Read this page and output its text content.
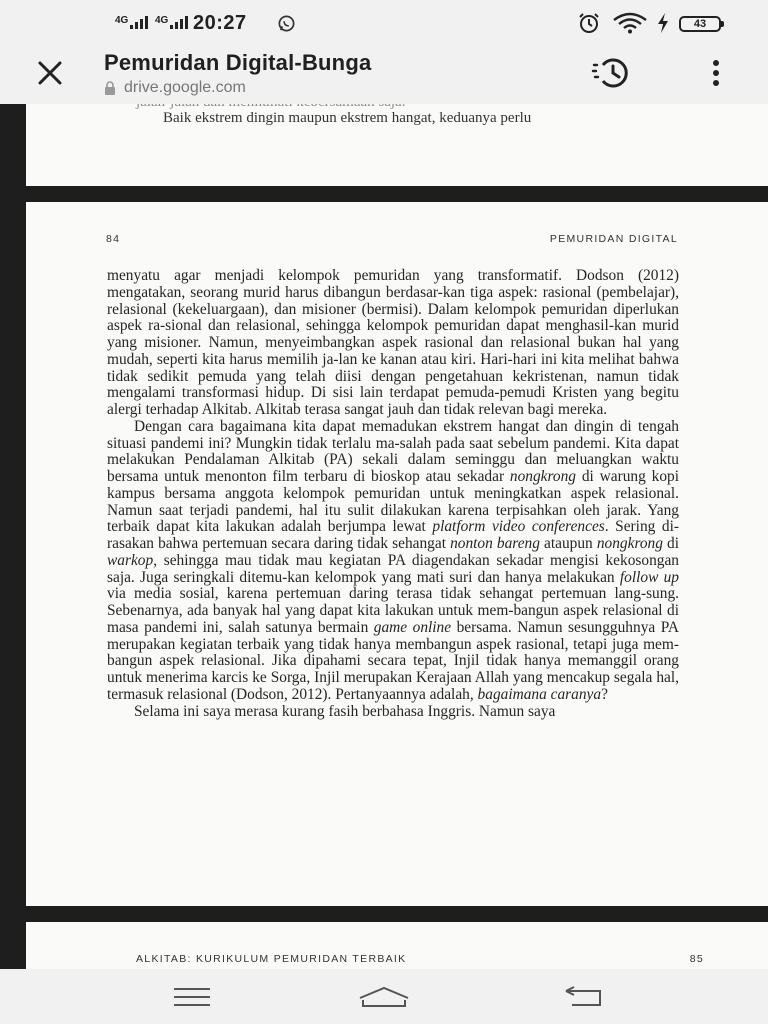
4G	4G 20:27	43
Pemuridan Digital-Bunga
drive.google.com
Baik ekstrem dingin maupun ekstrem hangat, keduanya perlu
84	PEMURIDAN DIGITAL

menyatu agar menjadi kelompok pemuridan yang transformatif. Dodson (2012) mengatakan, seorang murid harus dibangun berdasar-kan tiga aspek: rasional (pembelajar), relasional (kekeluargaan), dan misioner (bermisi). Dalam kelompok pemuridan diperlukan aspek ra-sional dan relasional, sehingga kelompok pemuridan dapat menghasil-kan murid yang misioner. Namun, menyeimbangkan aspek rasional dan relasional bukan hal yang mudah, seperti kita harus memilih ja-lan ke kanan atau kiri. Hari-hari ini kita melihat bahwa tidak sedikit pemuda yang telah diisi dengan pengetahuan kekristenan, namun tidak mengalami transformasi hidup. Di sisi lain terdapat pemuda-pemudi Kristen yang begitu alergi terhadap Alkitab. Alkitab terasa sangat jauh dan tidak relevan bagi mereka.

Dengan cara bagaimana kita dapat memadukan ekstrem hangat dan dingin di tengah situasi pandemi ini? Mungkin tidak terlalu ma-salah pada saat sebelum pandemi. Kita dapat melakukan Pendalaman Alkitab (PA) sekali dalam seminggu dan meluangkan waktu bersama untuk menonton film terbaru di bioskop atau sekadar nongkrong di warung kopi kampus bersama anggota kelompok pemuridan untuk meningkatkan aspek relasional. Namun saat terjadi pandemi, hal itu sulit dilakukan karena terpisahkan oleh jarak. Yang terbaik dapat kita lakukan adalah berjumpa lewat platform video conferences. Sering di-rasakan bahwa pertemuan secara daring tidak sehangat nonton bareng ataupun nongkrong di warkop, sehingga mau tidak mau kegiatan PA diagendakan sekadar mengisi kekosongan saja. Juga seringkali ditemu-kan kelompok yang mati suri dan hanya melakukan follow up via media sosial, karena pertemuan daring terasa tidak sehangat pertemuan lang-sung. Sebenarnya, ada banyak hal yang dapat kita lakukan untuk mem-bangun aspek relasional di masa pandemi ini, salah satunya bermain game online bersama. Namun sesungguhnya PA merupakan kegiatan terbaik yang tidak hanya membangun aspek rasional, tetapi juga mem-bangun aspek relasional. Jika dipahami secara tepat, Injil tidak hanya memanggil orang untuk menerima karcis ke Sorga, Injil merupakan Kerajaan Allah yang mencakup segala hal, termasuk relasional (Dodson, 2012). Pertanyaannya adalah, bagaimana caranya?

Selama ini saya merasa kurang fasih berbahasa Inggris. Namun saya

ALKITAB: KURIKULUM PEMURIDAN TERBAIK	85
